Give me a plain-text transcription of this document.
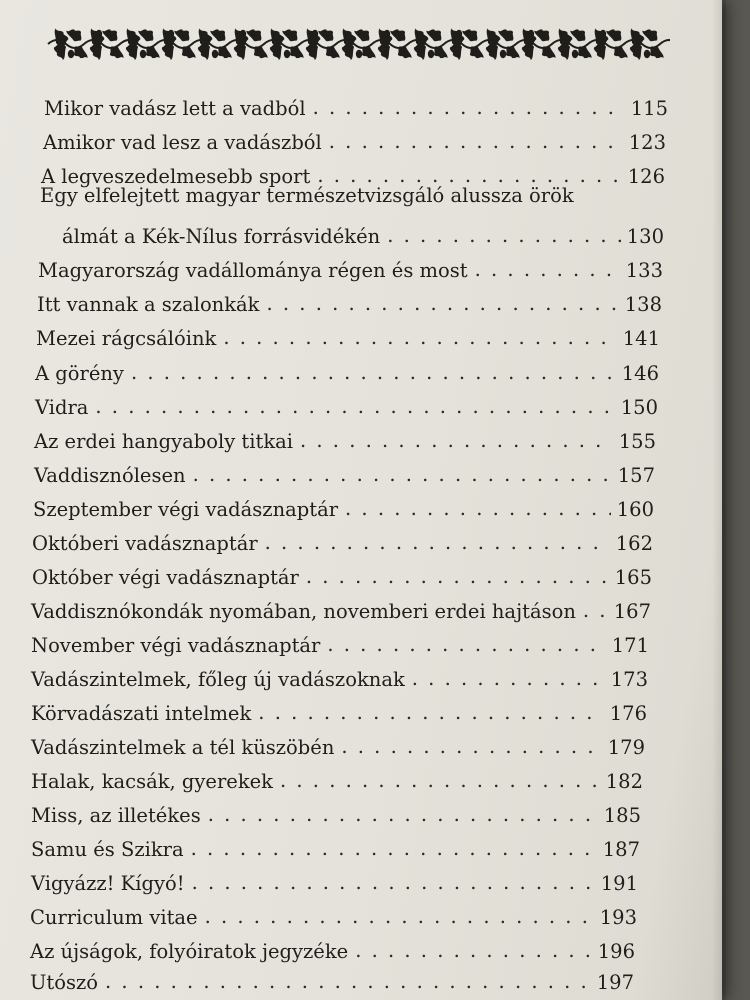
Mikor vadász lett a vadból . . .	115
Amikor vad lesz a vadászból . . .	123
A legveszedelmesebb sport . . .	126
Egy elfelejtett magyar természetvizsgáló alussza örök
álmát a Kék-Nílus forrásvidékén . . .	130
Magyarország vadállománya régen és most . . .	133
Itt vannak a szalonkák . . .	138
Mezei rágcsálóink . . .	141
A görény . . .	146
Vidra . . .	150
Az erdei hangyaboly titkai . . .	155
Vaddisznólesen . . .	157
Szeptember végi vadásznaptár . . .	160
Októberi vadásznaptár . . .	162
Október végi vadásznaptár . . .	165
Vaddisznókondák nyomában, novemberi erdei hajtáson . . . 167
November végi vadásznaptár . . .	171
Vadászintelmek, főleg új vadászoknak . . .	173
Körvadászati intelmek . . .	176
Vadászintelmek a tél küszöbén . . .	179
Halak, kacsák, gyerekek . . .	182
Miss, az illetékes . . .	185
Samu és Szikra . . .	187
Vigyázz! Kígyó! . . .	191
Curriculum vitae . . .	193
Az újságok, folyóiratok jegyzéke . . .	196
Utószó . . .	197
